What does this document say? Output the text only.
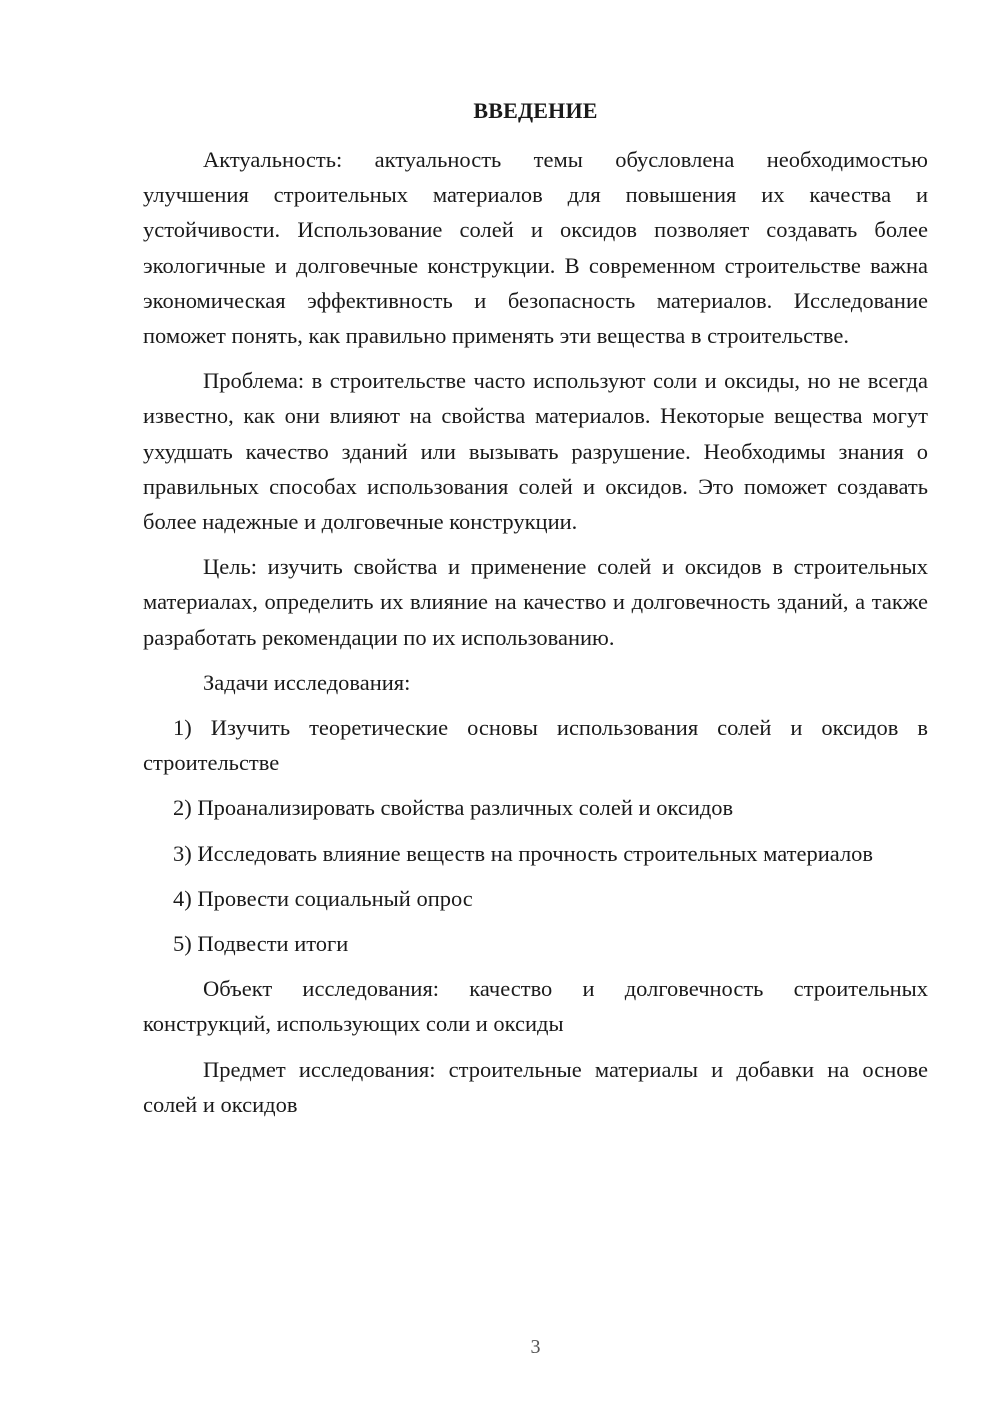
ВВЕДЕНИЕ

Актуальность: актуальность темы обусловлена необходимостью улучшения строительных материалов для повышения их качества и устойчивости. Использование солей и оксидов позволяет создавать более экологичные и долговечные конструкции. В современном строительстве важна экономическая эффективность и безопасность материалов. Исследование поможет понять, как правильно применять эти вещества в строительстве.

Проблема: в строительстве часто используют соли и оксиды, но не всегда известно, как они влияют на свойства материалов. Некоторые вещества могут ухудшать качество зданий или вызывать разрушение. Необходимы знания о правильных способах использования солей и оксидов. Это поможет создавать более надежные и долговечные конструкции.

Цель: изучить свойства и применение солей и оксидов в строительных материалах, определить их влияние на качество и долговечность зданий, а также разработать рекомендации по их использованию.

Задачи исследования:

1) Изучить теоретические основы использования солей и оксидов в строительстве

2) Проанализировать свойства различных солей и оксидов

3) Исследовать влияние веществ на прочность строительных материалов

4) Провести социальный опрос

5) Подвести итоги

Объект исследования: качество и долговечность строительных конструкций, использующих соли и оксиды

Предмет исследования: строительные материалы и добавки на основе солей и оксидов

3
